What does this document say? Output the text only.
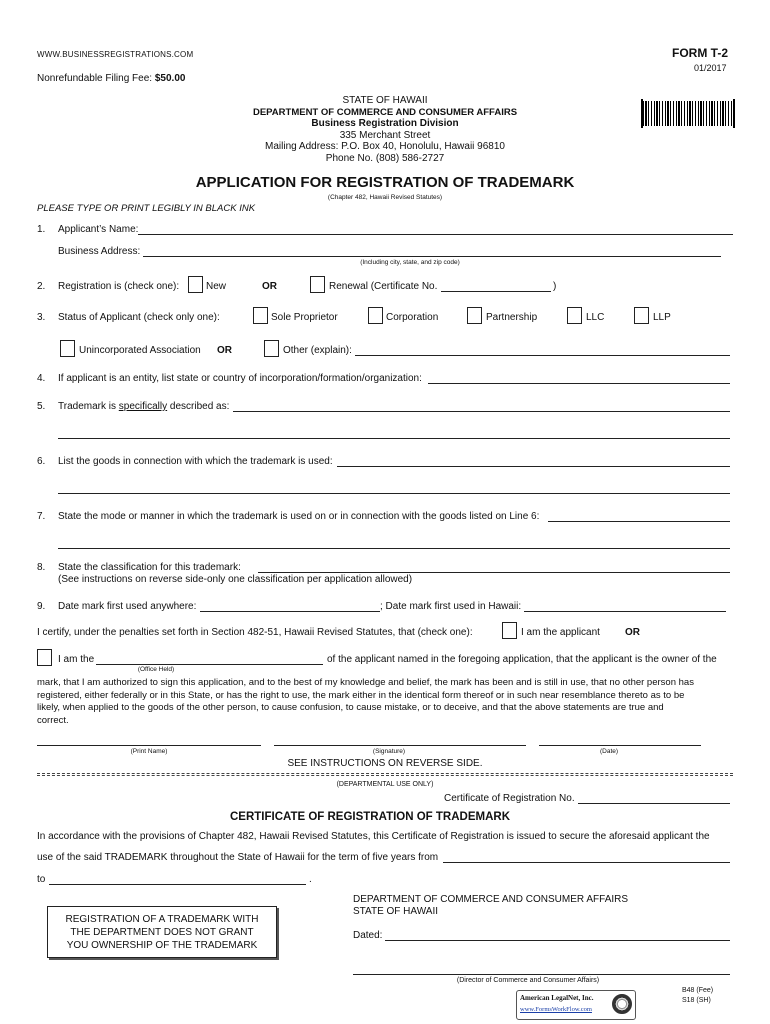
WWW.BUSINESSREGISTRATIONS.COM
Nonrefundable Filing Fee: $50.00
FORM T-2
01/2017
STATE OF HAWAII
DEPARTMENT OF COMMERCE AND CONSUMER AFFAIRS
Business Registration Division
335 Merchant Street
Mailing Address: P.O. Box 40, Honolulu, Hawaii 96810
Phone No. (808) 586-2727
APPLICATION FOR REGISTRATION OF TRADEMARK
(Chapter 482, Hawaii Revised Statutes)
PLEASE TYPE OR PRINT LEGIBLY IN BLACK INK
1. Applicant’s Name:
Business Address:
(Including city, state, and zip code)
2. Registration is (check one):	New	OR	Renewal (Certificate No.	)
3. Status of Applicant (check only one):	Sole Proprietor	Corporation	Partnership	LLC	LLP
Unincorporated Association OR	Other (explain):
4. If applicant is an entity, list state or country of incorporation/formation/organization:
5. Trademark is specifically described as:
6. List the goods in connection with which the trademark is used:
7. State the mode or manner in which the trademark is used on or in connection with the goods listed on Line 6:
8. State the classification for this trademark:
(See instructions on reverse side-only one classification per application allowed)
9. Date mark first used anywhere:	; Date mark first used in Hawaii:
I certify, under the penalties set forth in Section 482-51, Hawaii Revised Statutes, that (check one):	I am the applicant	OR
I am the
(Office Held)
of the applicant named in the foregoing application, that the applicant is the owner of the
mark, that I am authorized to sign this application, and to the best of my knowledge and belief, the mark has been and is still in use, that no other person has
registered, either federally or in this State, or has the right to use, the mark either in the identical form thereof or in such near resemblance thereto as to be
likely, when applied to the goods of the other person, to cause confusion, to cause mistake, or to deceive, and that the above statements are true and
correct.
(Print Name)	(Signature)	(Date)
SEE INSTRUCTIONS ON REVERSE SIDE.
(DEPARTMENTAL USE ONLY)
Certificate of Registration No.
CERTIFICATE OF REGISTRATION OF TRADEMARK
In accordance with the provisions of Chapter 482, Hawaii Revised Statutes, this Certificate of Registration is issued to secure the aforesaid applicant the
use of the said TRADEMARK throughout the State of Hawaii for the term of five years from
to	.
REGISTRATION OF A TRADEMARK WITH
THE DEPARTMENT DOES NOT GRANT
YOU OWNERSHIP OF THE TRADEMARK
DEPARTMENT OF COMMERCE AND CONSUMER AFFAIRS
STATE OF HAWAII
Dated:
(Director of Commerce and Consumer Affairs)
American LegalNet, Inc.
www.FormsWorkFlow.com
B48 (Fee)
S18 (SH)
